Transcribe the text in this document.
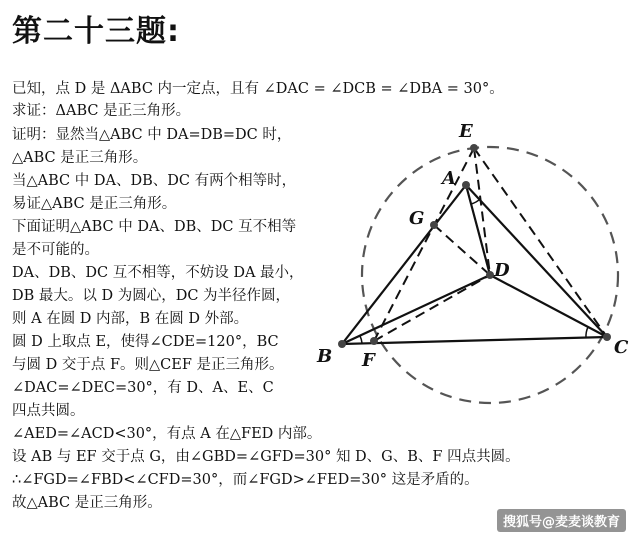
第二十三题:
已知，点 D 是 ΔABC 内一定点，且有 ∠DAC = ∠DCB = ∠DBA = 30°。
求证：ΔABC 是正三角形。
证明：显然当△ABC 中 DA=DB=DC 时，
△ABC 是正三角形。
当△ABC 中 DA、DB、DC 有两个相等时，
易证△ABC 是正三角形。
下面证明△ABC 中 DA、DB、DC 互不相等
是不可能的。
DA、DB、DC 互不相等，不妨设 DA 最小，
DB 最大。以 D 为圆心，DC 为半径作圆，
则 A 在圆 D 内部，B 在圆 D 外部。
圆 D 上取点 E，使得∠CDE=120°，BC
与圆 D 交于点 F。则△CEF 是正三角形。
∠DAC=∠DEC=30°，有 D、A、E、C
四点共圆。
∠AED=∠ACD<30°，有点 A 在△FED 内部。
设 AB 与 EF 交于点 G，由∠GBD=∠GFD=30° 知 D、G、B、F 四点共圆。
∴∠FGD=∠FBD<∠CFD=30°，而∠FGD>∠FED=30° 这是矛盾的。
故△ABC 是正三角形。
E
A
G
D
B F
C
搜狐号@麦麦谈教育
